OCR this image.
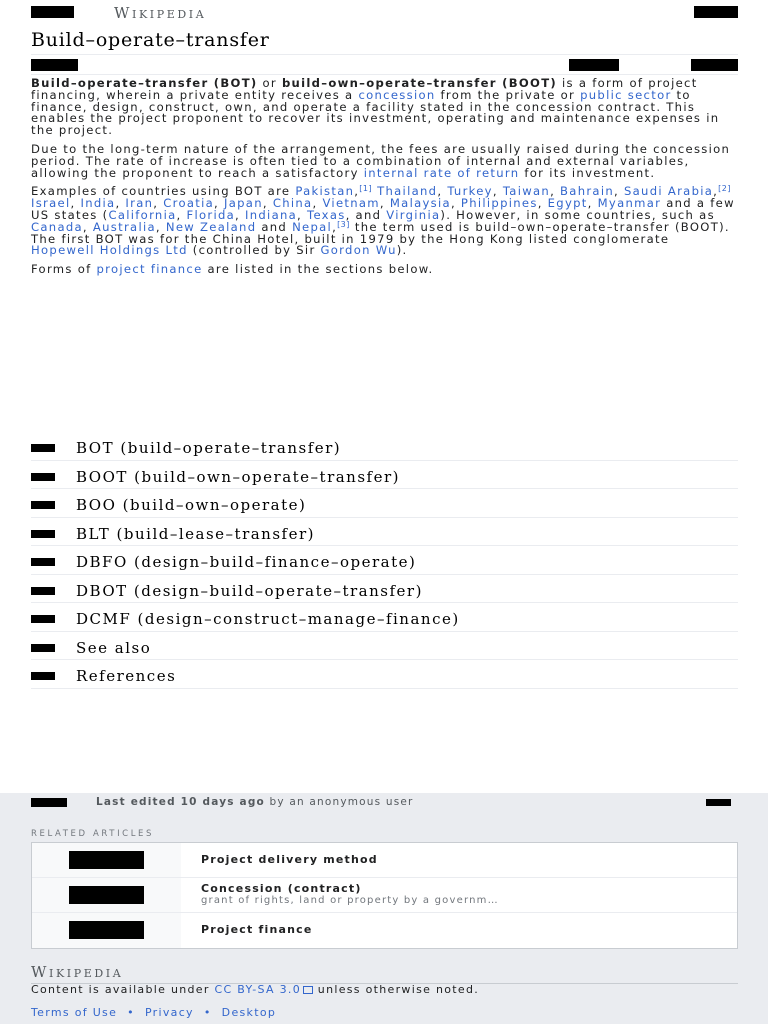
Wikipedia
Build–operate–transfer

Build–operate–transfer (BOT) or build–own–operate–transfer (BOOT) is a form of project financing, wherein a private entity receives a concession from the private or public sector to finance, design, construct, own, and operate a facility stated in the concession contract. This enables the project proponent to recover its investment, operating and maintenance expenses in the project.

Due to the long-term nature of the arrangement, the fees are usually raised during the concession period. The rate of increase is often tied to a combination of internal and external variables, allowing the proponent to reach a satisfactory internal rate of return for its investment.

Examples of countries using BOT are Pakistan,[1] Thailand, Turkey, Taiwan, Bahrain, Saudi Arabia,[2] Israel, India, Iran, Croatia, Japan, China, Vietnam, Malaysia, Philippines, Egypt, Myanmar and a few US states (California, Florida, Indiana, Texas, and Virginia). However, in some countries, such as Canada, Australia, New Zealand and Nepal,[3] the term used is build–own–operate–transfer (BOOT). The first BOT was for the China Hotel, built in 1979 by the Hong Kong listed conglomerate Hopewell Holdings Ltd (controlled by Sir Gordon Wu).

Forms of project finance are listed in the sections below.

BOT (build–operate–transfer)
BOOT (build–own–operate–transfer)
BOO (build–own–operate)
BLT (build–lease–transfer)
DBFO (design–build–finance–operate)
DBOT (design–build–operate–transfer)
DCMF (design–construct–manage–finance)
See also
References
Last edited 10 days ago by an anonymous user
RELATED ARTICLES
Project delivery method
Concession (contract)
grant of rights, land or property by a governm…
Project finance
Wikipedia
Content is available under CC BY-SA 3.0 unless otherwise noted.
Terms of Use • Privacy • Desktop
